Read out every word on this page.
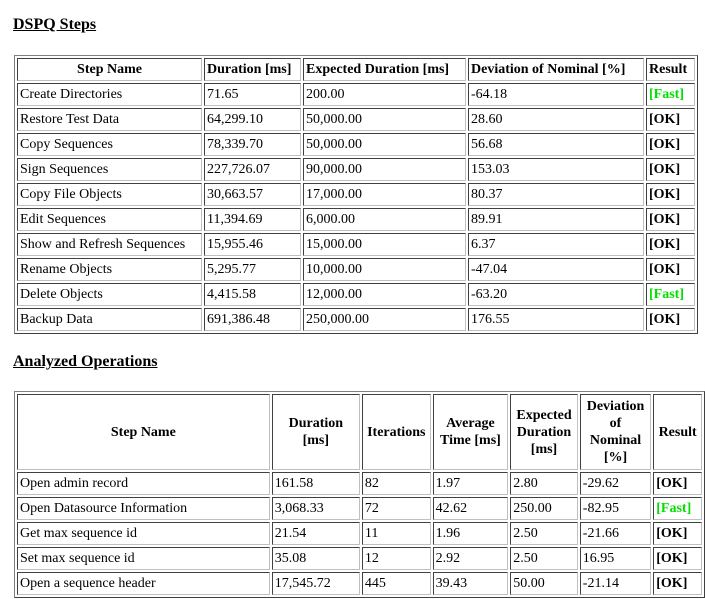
DSPQ Steps
Step Name	Duration [ms]	Expected Duration [ms]	Deviation of Nominal [%]	Result
Create Directories	71.65	200.00	-64.18	[Fast]
Restore Test Data	64,299.10	50,000.00	28.60	[OK]
Copy Sequences	78,339.70	50,000.00	56.68	[OK]
Sign Sequences	227,726.07	90,000.00	153.03	[OK]
Copy File Objects	30,663.57	17,000.00	80.37	[OK]
Edit Sequences	11,394.69	6,000.00	89.91	[OK]
Show and Refresh Sequences	15,955.46	15,000.00	6.37	[OK]
Rename Objects	5,295.77	10,000.00	-47.04	[OK]
Delete Objects	4,415.58	12,000.00	-63.20	[Fast]
Backup Data	691,386.48	250,000.00	176.55	[OK]
Analyzed Operations
Step Name	Duration [ms]	Iterations	Average Time [ms]	Expected Duration [ms]	Deviation of Nominal [%]	Result
Open admin record	161.58	82	1.97	2.80	-29.62	[OK]
Open Datasource Information	3,068.33	72	42.62	250.00	-82.95	[Fast]
Get max sequence id	21.54	11	1.96	2.50	-21.66	[OK]
Set max sequence id	35.08	12	2.92	2.50	16.95	[OK]
Open a sequence header	17,545.72	445	39.43	50.00	-21.14	[OK]
